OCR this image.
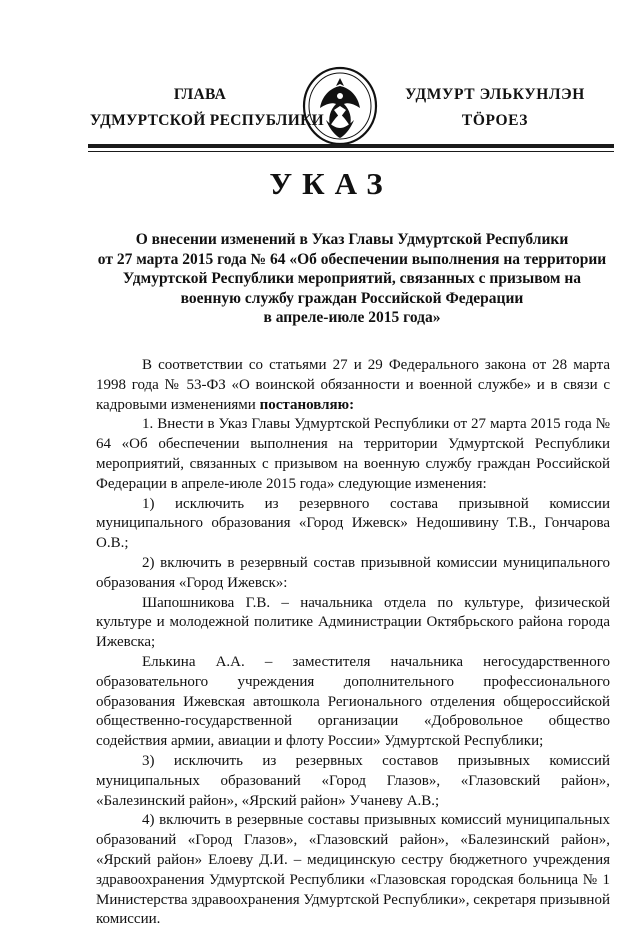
ГЛАВА
УДМУРТСКОЙ РЕСПУБЛИКИ
УДМУРТ ЭЛЬКУНЛЭН
ТӦРОЕЗ
УКАЗ
О внесении изменений в Указ Главы Удмуртской Республики
от 27 марта 2015 года № 64 «Об обеспечении выполнения на территории
Удмуртской Республики мероприятий, связанных с призывом на
военную службу граждан Российской Федерации
в апреле-июле 2015 года»

В соответствии со статьями 27 и 29 Федерального закона от 28 марта 1998 года № 53-ФЗ «О воинской обязанности и военной службе» и в связи с кадровыми изменениями постановляю:

1. Внести в Указ Главы Удмуртской Республики от 27 марта 2015 года № 64 «Об обеспечении выполнения на территории Удмуртской Республики мероприятий, связанных с призывом на военную службу граждан Российской Федерации в апреле-июле 2015 года» следующие изменения:

1) исключить из резервного состава призывной комиссии муниципального образования «Город Ижевск» Недошивину Т.В., Гончарова О.В.;

2) включить в резервный состав призывной комиссии муниципального образования «Город Ижевск»:

Шапошникова Г.В. – начальника отдела по культуре, физической культуре и молодежной политике Администрации Октябрьского района города Ижевска;

Елькина А.А. – заместителя начальника негосударственного образовательного учреждения дополнительного профессионального образования Ижевская автошкола Регионального отделения общероссийской общественно-государственной организации «Добровольное общество содействия армии, авиации и флоту России» Удмуртской Республики;

3) исключить из резервных составов призывных комиссий муниципальных образований «Город Глазов», «Глазовский район», «Балезинский район», «Ярский район» Учаневу А.В.;

4) включить в резервные составы призывных комиссий муниципальных образований «Город Глазов», «Глазовский район», «Балезинский район», «Ярский район» Елоеву Д.И. – медицинскую сестру бюджетного учреждения здравоохранения Удмуртской Республики «Глазовская городская больница № 1 Министерства здравоохранения Удмуртской Республики», секретаря призывной комиссии.
